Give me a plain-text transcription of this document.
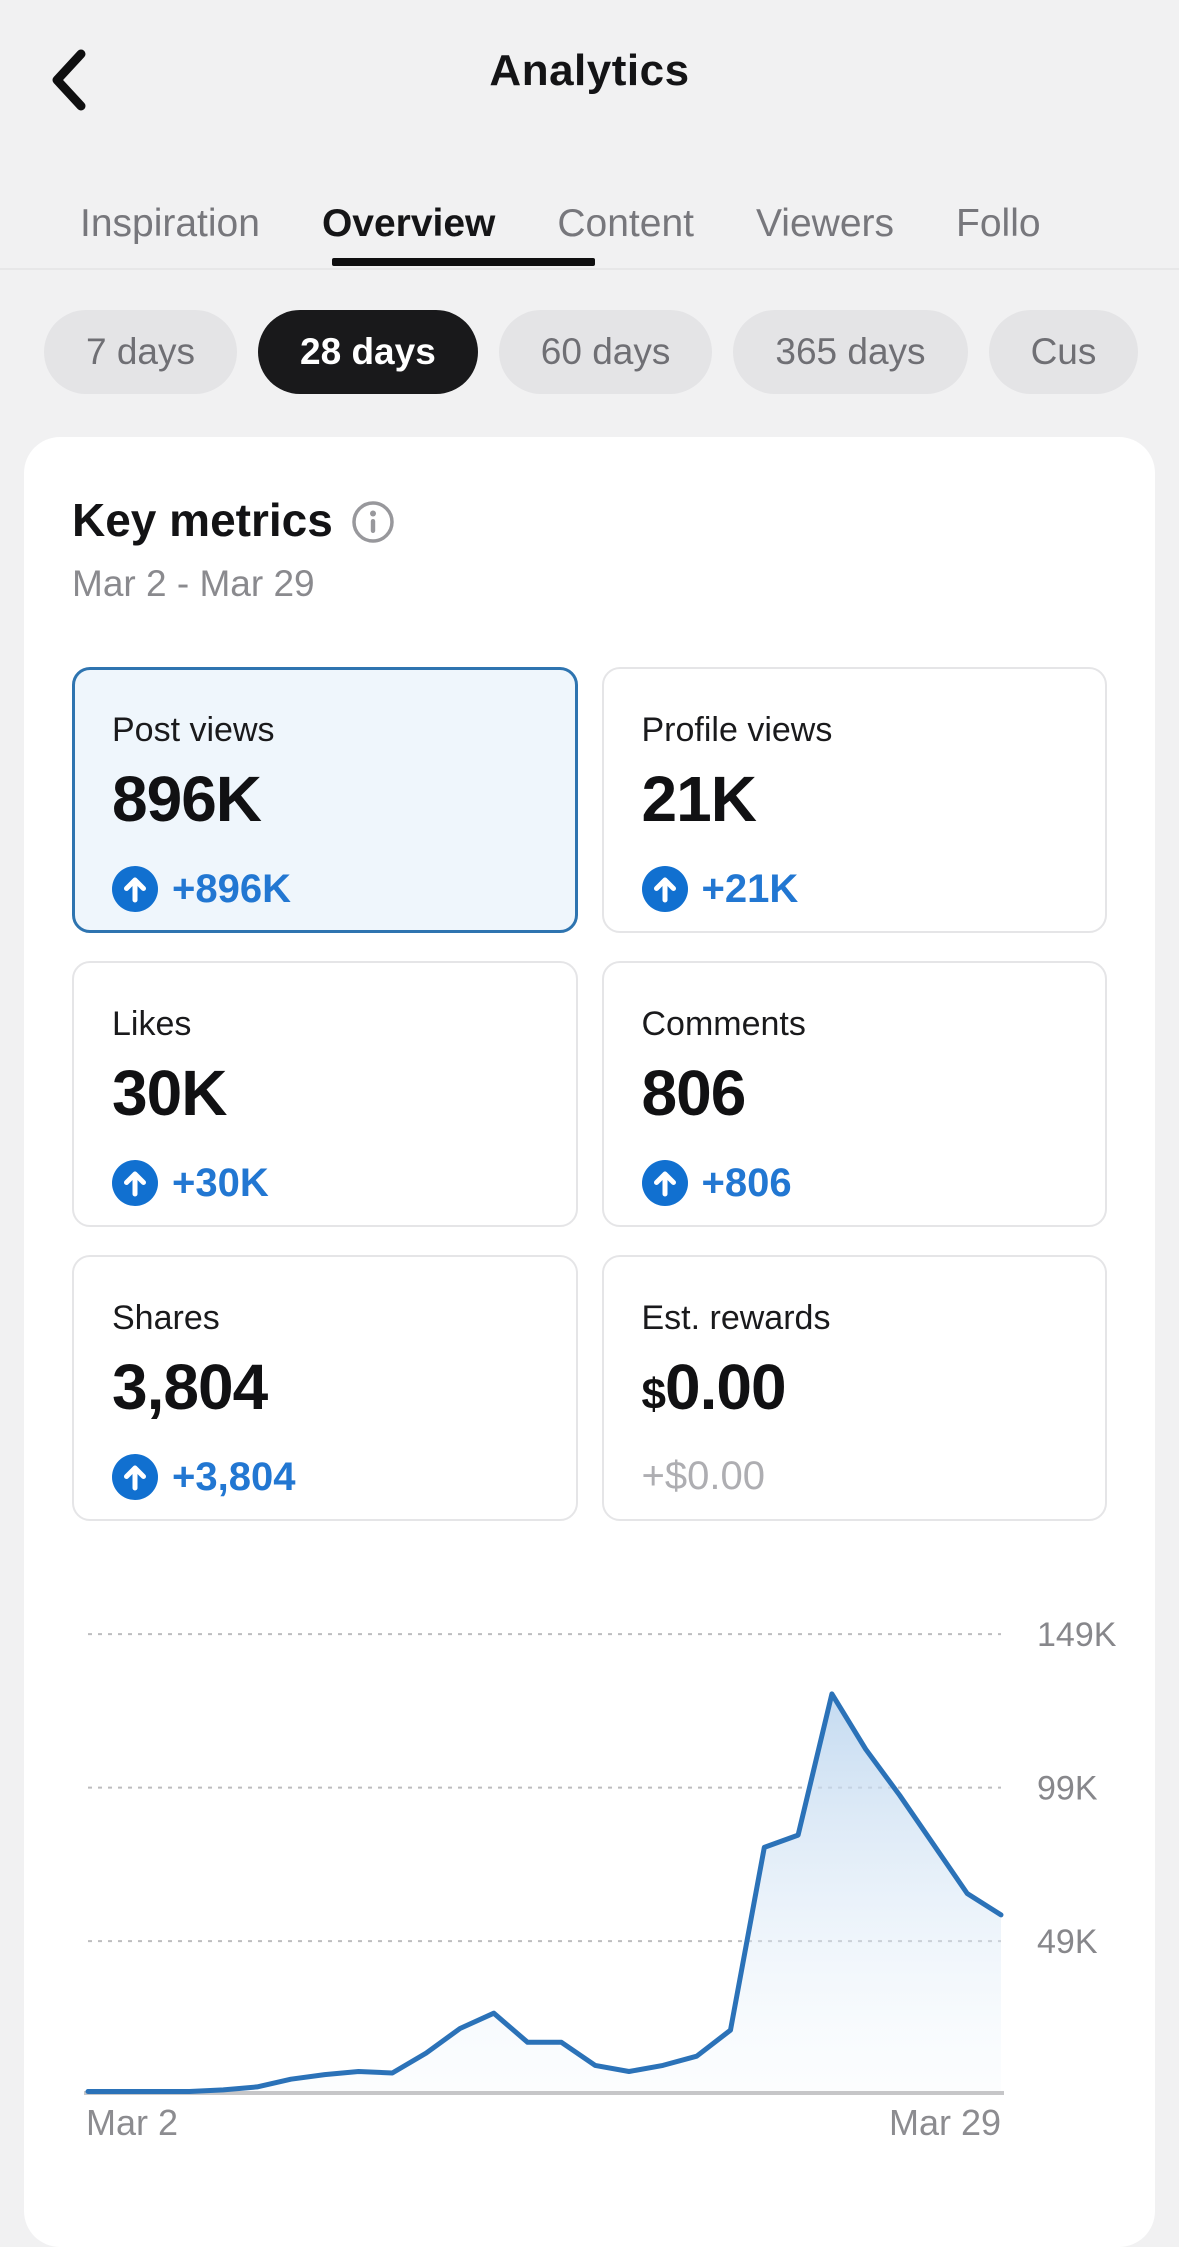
Analytics
Inspiration Overview Content Viewers Follo
7 days	28 days	60 days	365 days	Cus
Key metrics
Mar 2 - Mar 29
Post views
896K
+896K
Profile views
21K
+21K
Likes
30K
+30K
Comments
806
+806
Shares
3,804
+3,804
Est. rewards
$0.00
+$0.00
149K
99K
49K
Mar 2	Mar 29
